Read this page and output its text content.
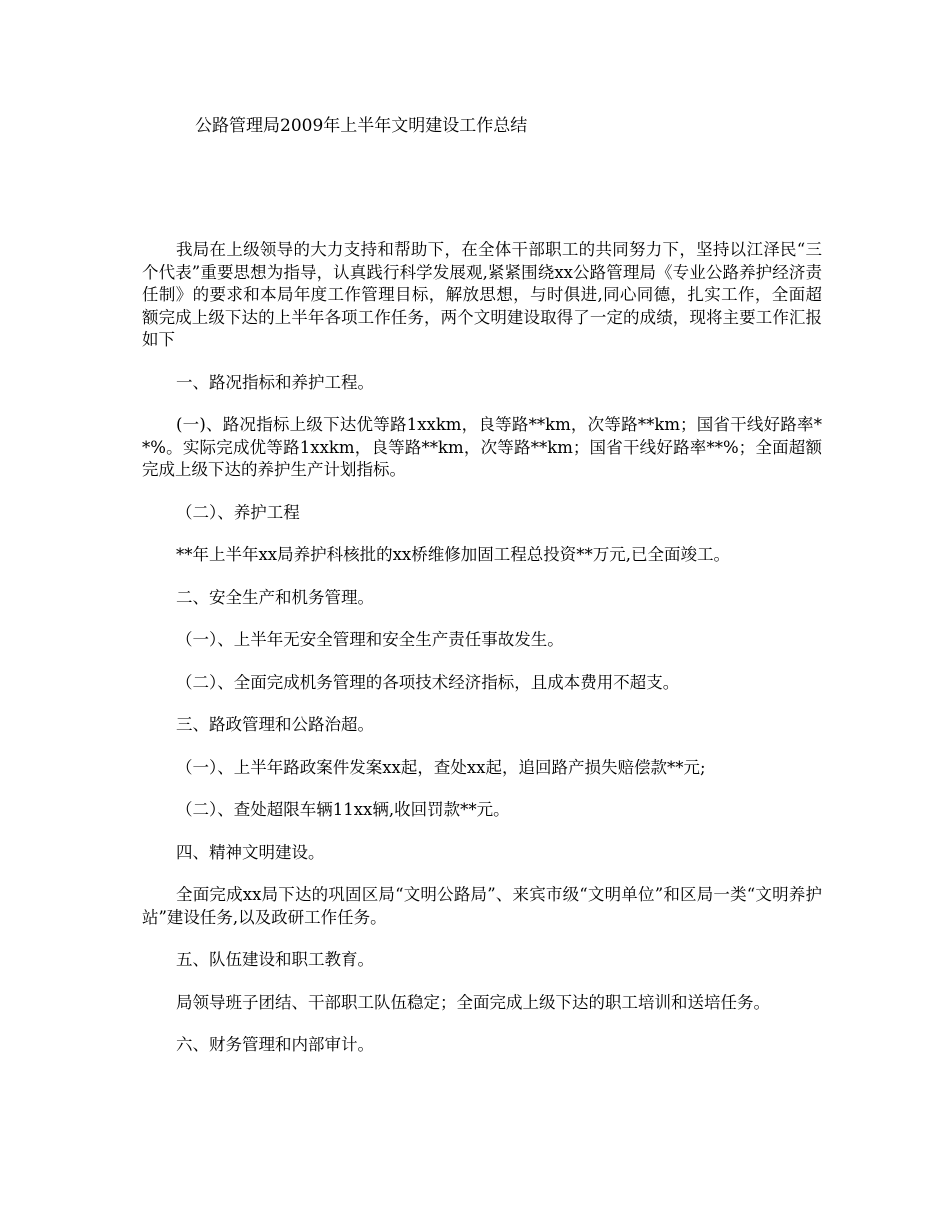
公路管理局2009年上半年文明建设工作总结

我局在上级领导的大力支持和帮助下，在全体干部职工的共同努力下，坚持以江泽民“三个代表”重要思想为指导，认真践行科学发展观,紧紧围绕xx公路管理局《专业公路养护经济责任制》的要求和本局年度工作管理目标，解放思想，与时俱进,同心同德，扎实工作，全面超额完成上级下达的上半年各项工作任务，两个文明建设取得了一定的成绩，现将主要工作汇报如下

一、路况指标和养护工程。

(一)、路况指标上级下达优等路1xxkm，良等路**km，次等路**km；国省干线好路率**%。实际完成优等路1xxkm，良等路**km，次等路**km；国省干线好路率**%；全面超额完成上级下达的养护生产计划指标。

（二）、养护工程

**年上半年xx局养护科核批的xx桥维修加固工程总投资**万元,已全面竣工。

二、安全生产和机务管理。

（一）、上半年无安全管理和安全生产责任事故发生。

（二）、全面完成机务管理的各项技术经济指标，且成本费用不超支。

三、路政管理和公路治超。

（一）、上半年路政案件发案xx起，查处xx起，追回路产损失赔偿款**元;

（二）、查处超限车辆11xx辆,收回罚款**元。

四、精神文明建设。

全面完成xx局下达的巩固区局“文明公路局”、来宾市级“文明单位”和区局一类“文明养护站”建设任务,以及政研工作任务。

五、队伍建设和职工教育。

局领导班子团结、干部职工队伍稳定；全面完成上级下达的职工培训和送培任务。

六、财务管理和内部审计。
